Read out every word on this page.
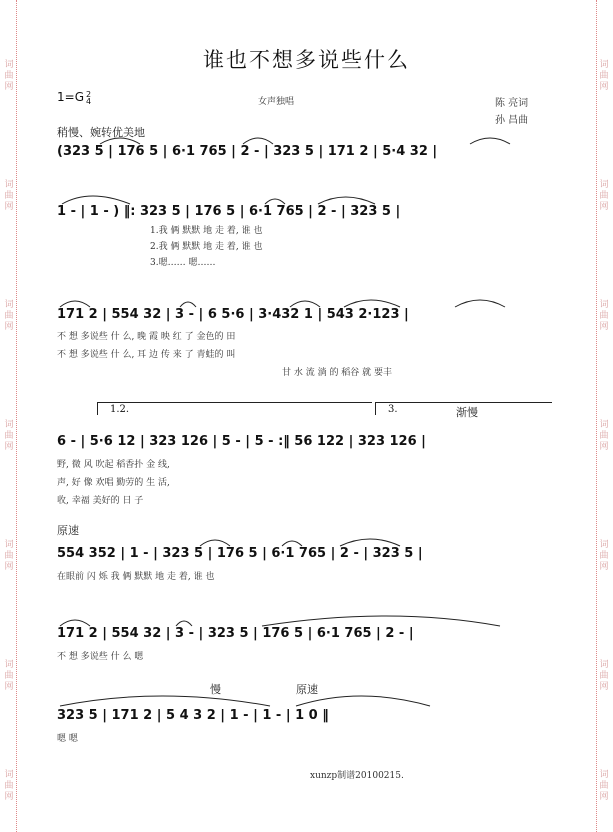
词 曲 网
词 曲 网
词 曲 网
词 曲 网
词 曲 网
词 曲 网
词 曲 网
词 曲 网
词 曲 网
词 曲 网
词 曲 网
词 曲 网
词 曲 网
词 曲 网
谁也不想多说些什么
1=G 2
4	女声独唱	陈 亮词
孙 昌曲
稍慢、婉转优美地
渐慢
原速
慢	原速
(323 5 | 176 5 | 6·1 765 | 2 - | 323 5 | 171 2 | 5·4 32 |
1 - | 1 - ) ‖: 323 5 | 176 5 | 6·1 765 | 2 - | 323 5 |
1.我 俩 默默 地 走 着, 谁 也
2.我 俩 默默 地 走 着, 谁 也
3.嗯…… 嗯……
171 2 | 554 32 | 3 - | 6 5·6 | 3·432 1 | 543 2·123 |
不 想 多说些 什 么, 晚 霞 映 红 了 金色的 田
不 想 多说些 什 么, 耳 边 传 来 了 青蛙的 叫
甘 水 流 淌 的 稻谷 就 要丰
1.2.	3.
6 - | 5·6 12 | 323 126 | 5 - | 5 - :‖ 56 122 | 323 126 |
野, 微 风 吹起 稻香扑 金 线,
声, 好 像 欢唱 勤劳的 生 活,
收, 幸福 美好的 日 子
554 352 | 1 - | 323 5 | 176 5 | 6·1 765 | 2 - | 323 5 |
在眼前 闪 烁 我 俩 默默 地 走 着, 谁 也
171 2 | 554 32 | 3 - | 323 5 | 176 5 | 6·1 765 | 2 - |
不 想 多说些 什 么 嗯
323 5 | 171 2 | 5 4 3 2 | 1 - | 1 - | 1 0 ‖
嗯 嗯
xunzp制谱20100215.
